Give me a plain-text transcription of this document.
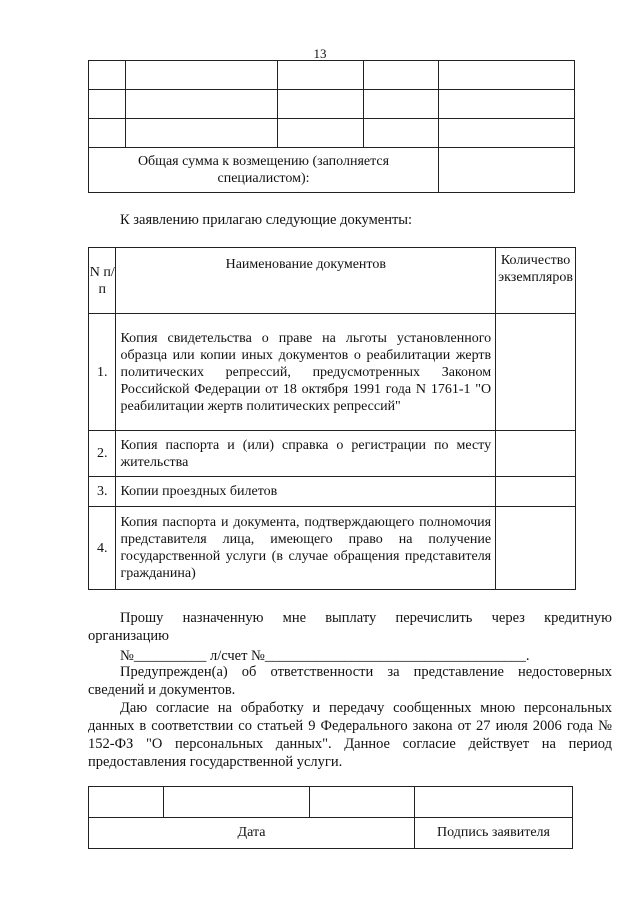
13

Общая сумма к возмещению (заполняется
специалистом):				

К заявлению прилагаю следующие документы:
N п/п	Наименование документов	Количество экземпляров
1.	Копия свидетельства о праве на льготы установленного образца или копии иных документов о реабилитации жертв политических репрессий, предусмотренных Законом Российской Федерации от 18 октября 1991 года N 1761-1 "О реабилитации жертв политических репрессий"	
2.	Копия паспорта и (или) справка о регистрации по месту жительства	
3.	Копии проездных билетов	
4.	Копия паспорта и документа, подтверждающего полномочия представителя лица, имеющего право на получение государственной услуги (в случае обращения представителя гражданина)	
Прошу назначенную мне выплату перечислить через кредитную
организацию
№__________ л/счет №____________________________________.
Предупрежден(а) об ответственности за представление недостоверных сведений и документов.
Даю согласие на обработку и передачу сообщенных мною персональных данных в соответствии со статьей 9 Федерального закона от 27 июля 2006 года № 152-ФЗ "О персональных данных". Данное согласие действует на период предоставления государственной услуги.

Дата			Подпись заявителя
